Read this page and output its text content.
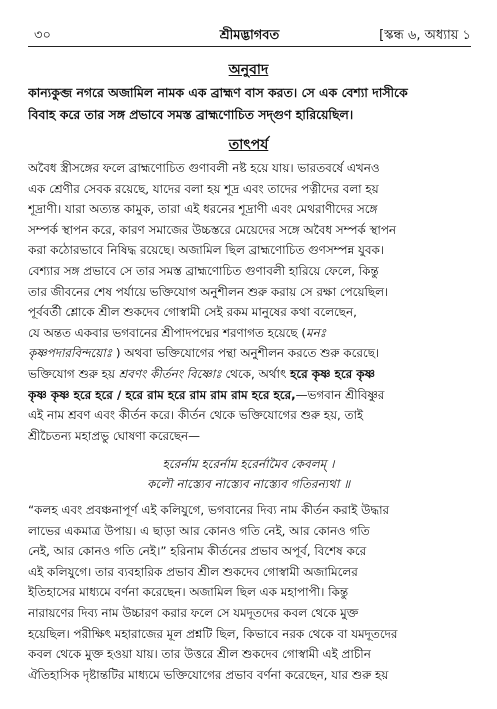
৩০	শ্রীমদ্ভাগবত	[স্কন্ধ ৬, অধ্যায় ১
অনুবাদ
কান্যকুব্জ নগরে অজামিল নামক এক ব্রাহ্মণ বাস করত। সে এক বেশ্যা দাসীকে
বিবাহ করে তার সঙ্গ প্রভাবে সমস্ত ব্রাহ্মণোচিত সদ্গুণ হারিয়েছিল।
তাৎপর্য
অবৈধ স্ত্রীসঙ্গের ফলে ব্রাহ্মণোচিত গুণাবলী নষ্ট হয়ে যায়। ভারতবর্ষে এখনও
এক শ্রেণীর সেবক রয়েছে, যাদের বলা হয় শূদ্র এবং তাদের পত্নীদের বলা হয়
শূদ্রাণী। যারা অত্যন্ত কামুক, তারা এই ধরনের শূদ্রাণী এবং মেথরাণীদের সঙ্গে
সম্পর্ক স্থাপন করে, কারণ সমাজের উচ্চস্তরে মেয়েদের সঙ্গে অবৈধ সম্পর্ক স্থাপন
করা কঠোরভাবে নিষিদ্ধ রয়েছে। অজামিল ছিল ব্রাহ্মণোচিত গুণসম্পন্ন যুবক।
বেশ্যার সঙ্গ প্রভাবে সে তার সমস্ত ব্রাহ্মণোচিত গুণাবলী হারিয়ে ফেলে, কিন্তু
তার জীবনের শেষ পর্যায়ে ভক্তিযোগ অনুশীলন শুরু করায় সে রক্ষা পেয়েছিল।
পূর্ববর্তী শ্লোকে শ্রীল শুকদেব গোস্বামী সেই রকম মানুষের কথা বলেছেন,
যে অন্তত একবার ভগবানের শ্রীপাদপদ্মের শরণাগত হয়েছে (মনঃ
কৃষ্ণপদারবিন্দয়োঃ ) অথবা ভক্তিযোগের পন্থা অনুশীলন করতে শুরু করেছে।
ভক্তিযোগ শুরু হয় শ্রবণং কীর্তনং বিষ্ণোঃ থেকে, অর্থাৎ হরে কৃষ্ণ হরে কৃষ্ণ
কৃষ্ণ কৃষ্ণ হরে হরে / হরে রাম হরে রাম রাম রাম হরে হরে,—ভগবান শ্রীবিষ্ণুর
এই নাম শ্রবণ এবং কীর্তন করে। কীর্তন থেকে ভক্তিযোগের শুরু হয়, তাই
শ্রীচৈতন্য মহাপ্রভু ঘোষণা করেছেন—
হরের্নাম হরের্নাম হরের্নামৈব কেবলম্ ।
কলৌ নাস্ত্যেব নাস্ত্যেব নাস্ত্যেব গতিরন্যথা ॥
“কলহ এবং প্রবঞ্চনাপূর্ণ এই কলিযুগে, ভগবানের দিব্য নাম কীর্তন করাই উদ্ধার
লাভের একমাত্র উপায়। এ ছাড়া আর কোনও গতি নেই, আর কোনও গতি
নেই, আর কোনও গতি নেই।” হরিনাম কীর্তনের প্রভাব অপূর্ব, বিশেষ করে
এই কলিযুগে। তার ব্যবহারিক প্রভাব শ্রীল শুকদেব গোস্বামী অজামিলের
ইতিহাসের মাধ্যমে বর্ণনা করেছেন। অজামিল ছিল এক মহাপাপী। কিন্তু
নারায়ণের দিব্য নাম উচ্চারণ করার ফলে সে যমদূতদের কবল থেকে মুক্ত
হয়েছিল। পরীক্ষিৎ মহারাজের মূল প্রশ্নটি ছিল, কিভাবে নরক থেকে বা যমদূতদের
কবল থেকে মুক্ত হওয়া যায়। তার উত্তরে শ্রীল শুকদেব গোস্বামী এই প্রাচীন
ঐতিহাসিক দৃষ্টান্তটির মাধ্যমে ভক্তিযোগের প্রভাব বর্ণনা করেছেন, যার শুরু হয়
